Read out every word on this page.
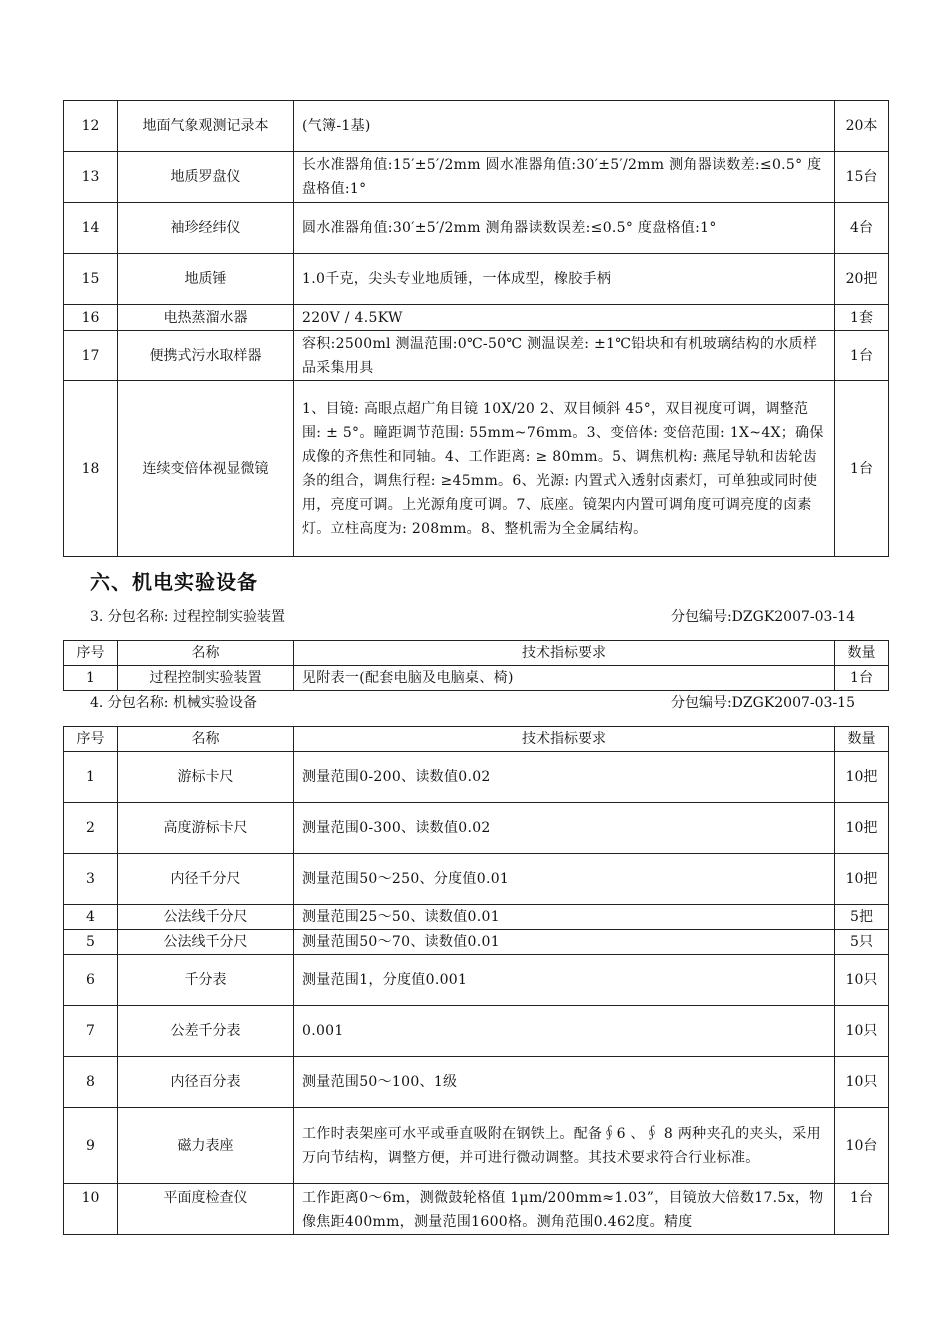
12	地面气象观测记录本	(气簿-1基)	20本
13	地质罗盘仪	长水准器角值:15′±5′/2mm 圆水准器角值:30′±5′/2mm 测角器读数差:≤0.5° 度盘格值:1°	15台
14	袖珍经纬仪	圆水准器角值:30′±5′/2mm 测角器读数误差:≤0.5° 度盘格值:1°	4台
15	地质锤	1.0千克，尖头专业地质锤，一体成型，橡胶手柄	20把
16	电热蒸溜水器	220V / 4.5KW	1套
17	便携式污水取样器	容积:2500ml 测温范围:0℃-50℃ 测温误差: ±1℃铅块和有机玻璃结构的水质样品采集用具	1台
18	连续变倍体视显微镜	1、目镜: 高眼点超广角目镜 10X/20 2、双目倾斜 45°，双目视度可调，调整范围: ± 5°。瞳距调节范围: 55mm~76mm。3、变倍体: 变倍范围: 1X~4X；确保成像的齐焦性和同轴。4、工作距离: ≥ 80mm。5、调焦机构: 燕尾导轨和齿轮齿条的组合，调焦行程: ≥45mm。6、光源: 内置式入透射卤素灯，可单独或同时使用，亮度可调。上光源角度可调。7、底座。镜架内内置可调角度可调亮度的卤素灯。立柱高度为: 208mm。8、整机需为全金属结构。	1台
六、机电实验设备
3. 分包名称: 过程控制实验装置	分包编号:DZGK2007-03-14
序号	名称	技术指标要求	数量
1	过程控制实验装置	见附表一(配套电脑及电脑桌、椅)	1台
4. 分包名称: 机械实验设备	分包编号:DZGK2007-03-15
序号	名称	技术指标要求	数量
1	游标卡尺	测量范围0-200、读数值0.02	10把
2	高度游标卡尺	测量范围0-300、读数值0.02	10把
3	内径千分尺	测量范围50～250、分度值0.01	10把
4	公法线千分尺	测量范围25～50、读数值0.01	5把
5	公法线千分尺	测量范围50～70、读数值0.01	5只
6	千分表	测量范围1，分度值0.001	10只
7	公差千分表	0.001	10只
8	内径百分表	测量范围50～100、1级	10只
9	磁力表座	工作时表架座可水平或垂直吸附在钢铁上。配备∮6 、∮ 8 两种夹孔的夹头，采用万向节结构，调整方便，并可进行微动调整。其技术要求符合行业标准。	10台
10	平面度检查仪	工作距离0～6m，测微鼓轮格值 1μm/200mm≈1.03”，目镜放大倍数17.5x，物像焦距400mm，测量范围1600格。测角范围0.462度。精度	1台
